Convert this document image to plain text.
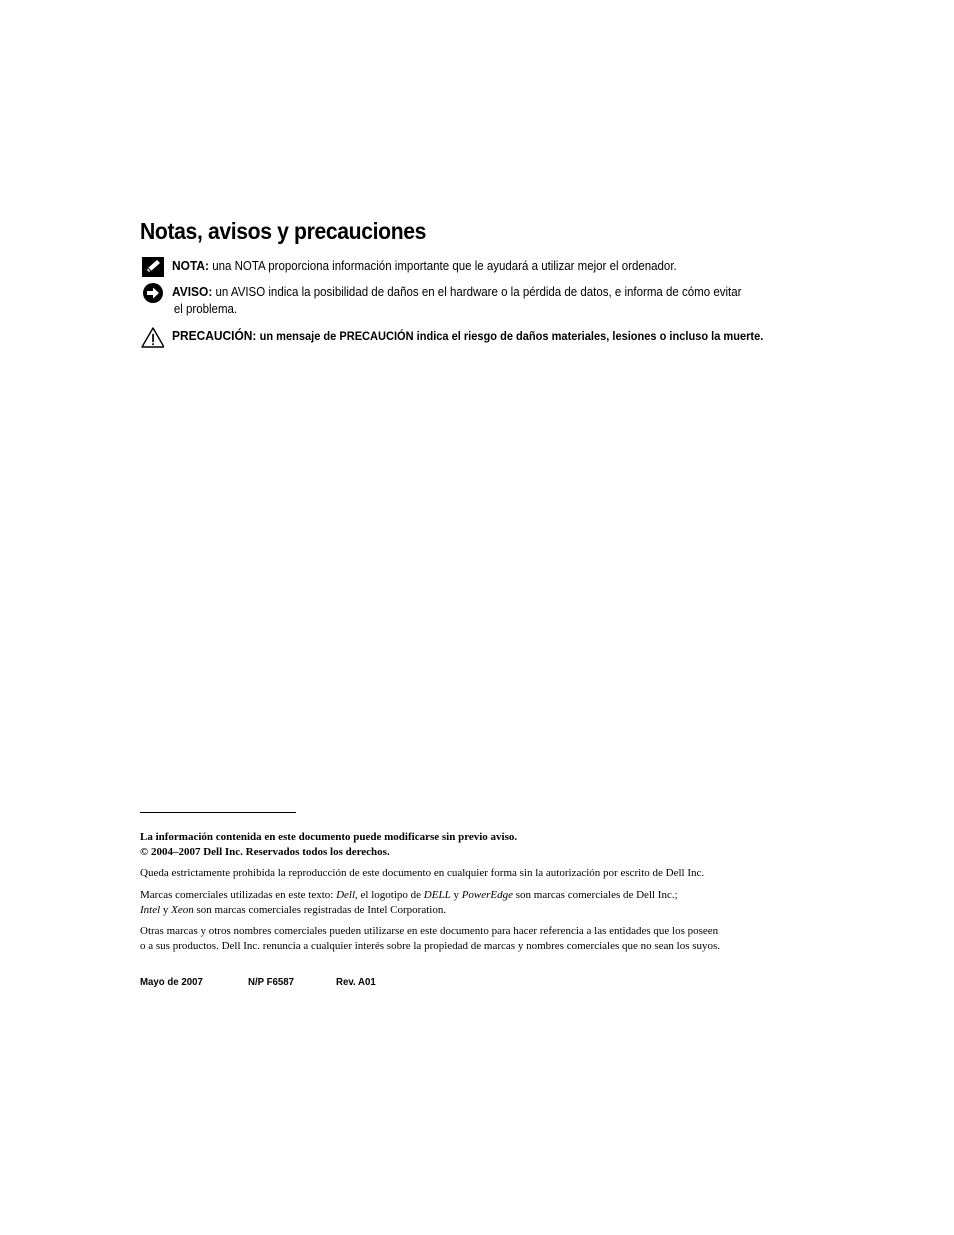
Notas, avisos y precauciones
NOTA: una NOTA proporciona información importante que le ayudará a utilizar mejor el ordenador.
AVISO: un AVISO indica la posibilidad de daños en el hardware o la pérdida de datos, e informa de cómo evitar
el problema.
PRECAUCIÓN: un mensaje de PRECAUCIÓN indica el riesgo de daños materiales, lesiones o incluso la muerte.

La información contenida en este documento puede modificarse sin previo aviso.

© 2004–2007 Dell Inc. Reservados todos los derechos.

Queda estrictamente prohibida la reproducción de este documento en cualquier forma sin la autorización por escrito de Dell Inc.

Marcas comerciales utilizadas en este texto: Dell, el logotipo de DELL y PowerEdge son marcas comerciales de Dell Inc.;

Intel y Xeon son marcas comerciales registradas de Intel Corporation.

Otras marcas y otros nombres comerciales pueden utilizarse en este documento para hacer referencia a las entidades que los poseen

o a sus productos. Dell Inc. renuncia a cualquier interés sobre la propiedad de marcas y nombres comerciales que no sean los suyos.

Mayo de 2007	N/P F6587	Rev. A01
